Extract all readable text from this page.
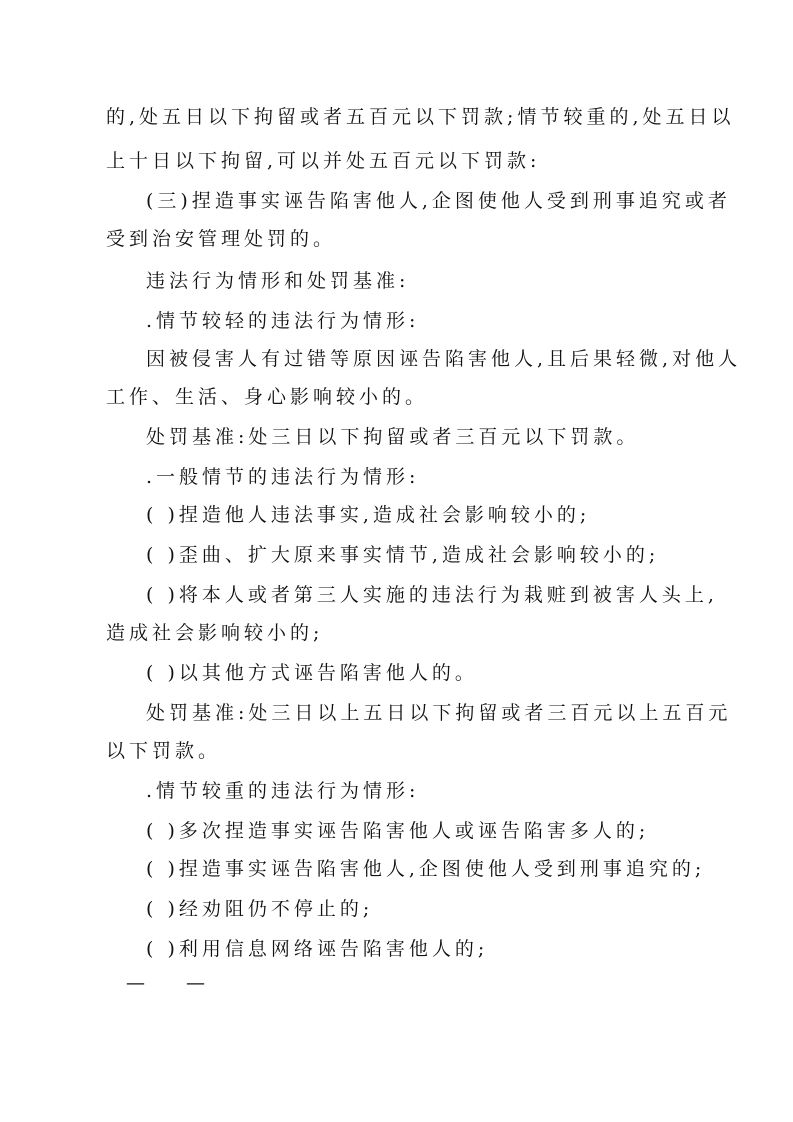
的,处五日以下拘留或者五百元以下罚款;情节较重的,处五日以
上十日以下拘留,可以并处五百元以下罚款:
(三)捏造事实诬告陷害他人,企图使他人受到刑事追究或者
受到治安管理处罚的。
违法行为情形和处罚基准:
.情节较轻的违法行为情形:
因被侵害人有过错等原因诬告陷害他人,且后果轻微,对他人
工作、生活、身心影响较小的。
处罚基准:处三日以下拘留或者三百元以下罚款。
.一般情节的违法行为情形:
( )捏造他人违法事实,造成社会影响较小的;
( )歪曲、扩大原来事实情节,造成社会影响较小的;
( )将本人或者第三人实施的违法行为栽赃到被害人头上,
造成社会影响较小的;
( )以其他方式诬告陷害他人的。
处罚基准:处三日以上五日以下拘留或者三百元以上五百元
以下罚款。
.情节较重的违法行为情形:
( )多次捏造事实诬告陷害他人或诬告陷害多人的;
( )捏造事实诬告陷害他人,企图使他人受到刑事追究的;
( )经劝阻仍不停止的;
( )利用信息网络诬告陷害他人的;
— —
